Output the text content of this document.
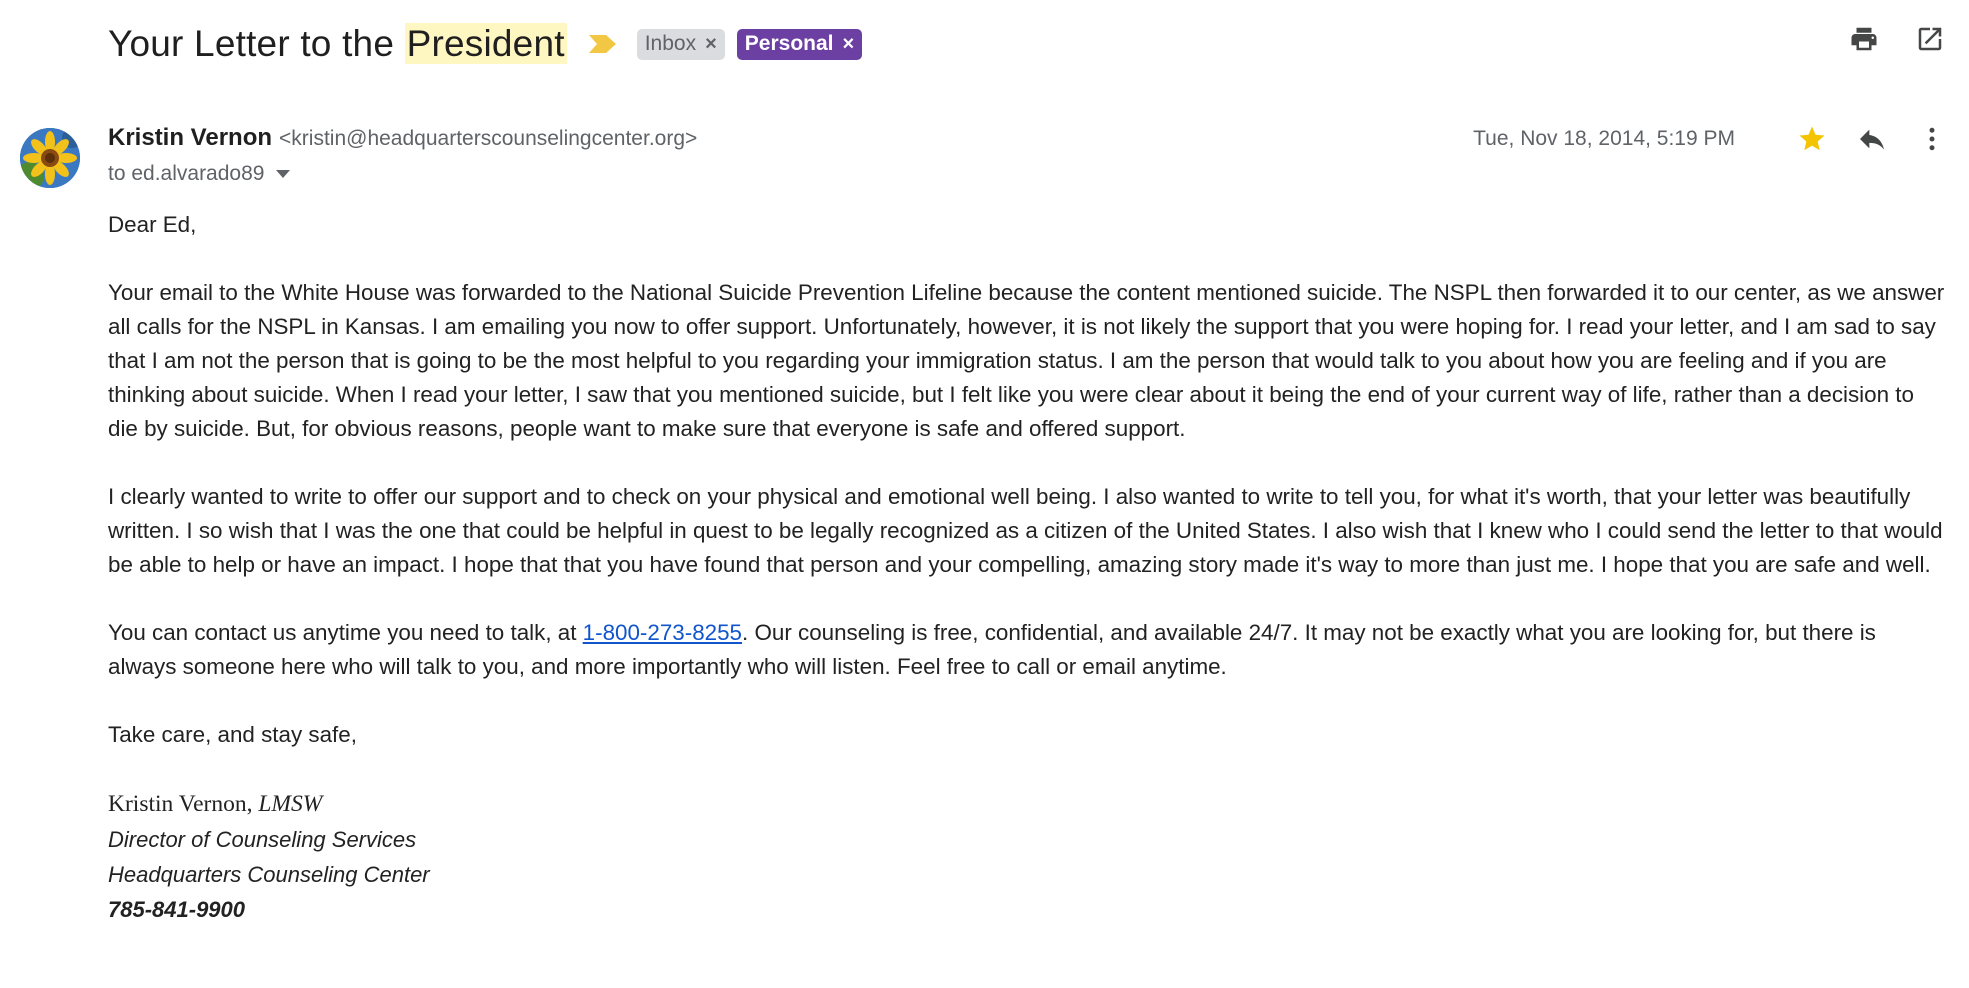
Your Letter to the President	Inbox × Personal ×
Kristin Vernon <kristin@headquarterscounselingcenter.org>
to ed.alvarado89
Tue, Nov 18, 2014, 5:19 PM

Dear Ed,

Your email to the White House was forwarded to the National Suicide Prevention Lifeline because the content mentioned suicide. The NSPL then forwarded it to our center, as we answer all calls for the NSPL in Kansas. I am emailing you now to offer support. Unfortunately, however, it is not likely the support that you were hoping for. I read your letter, and I am sad to say that I am not the person that is going to be the most helpful to you regarding your immigration status. I am the person that would talk to you about how you are feeling and if you are thinking about suicide. When I read your letter, I saw that you mentioned suicide, but I felt like you were clear about it being the end of your current way of life, rather than a decision to die by suicide. But, for obvious reasons, people want to make sure that everyone is safe and offered support.

I clearly wanted to write to offer our support and to check on your physical and emotional well being. I also wanted to write to tell you, for what it's worth, that your letter was beautifully written. I so wish that I was the one that could be helpful in quest to be legally recognized as a citizen of the United States. I also wish that I knew who I could send the letter to that would be able to help or have an impact. I hope that that you have found that person and your compelling, amazing story made it's way to more than just me. I hope that you are safe and well.

You can contact us anytime you need to talk, at 1-800-273-8255. Our counseling is free, confidential, and available 24/7. It may not be exactly what you are looking for, but there is always someone here who will talk to you, and more importantly who will listen. Feel free to call or email anytime.

Take care, and stay safe,

Kristin Vernon, LMSW
Director of Counseling Services
Headquarters Counseling Center
785-841-9900
